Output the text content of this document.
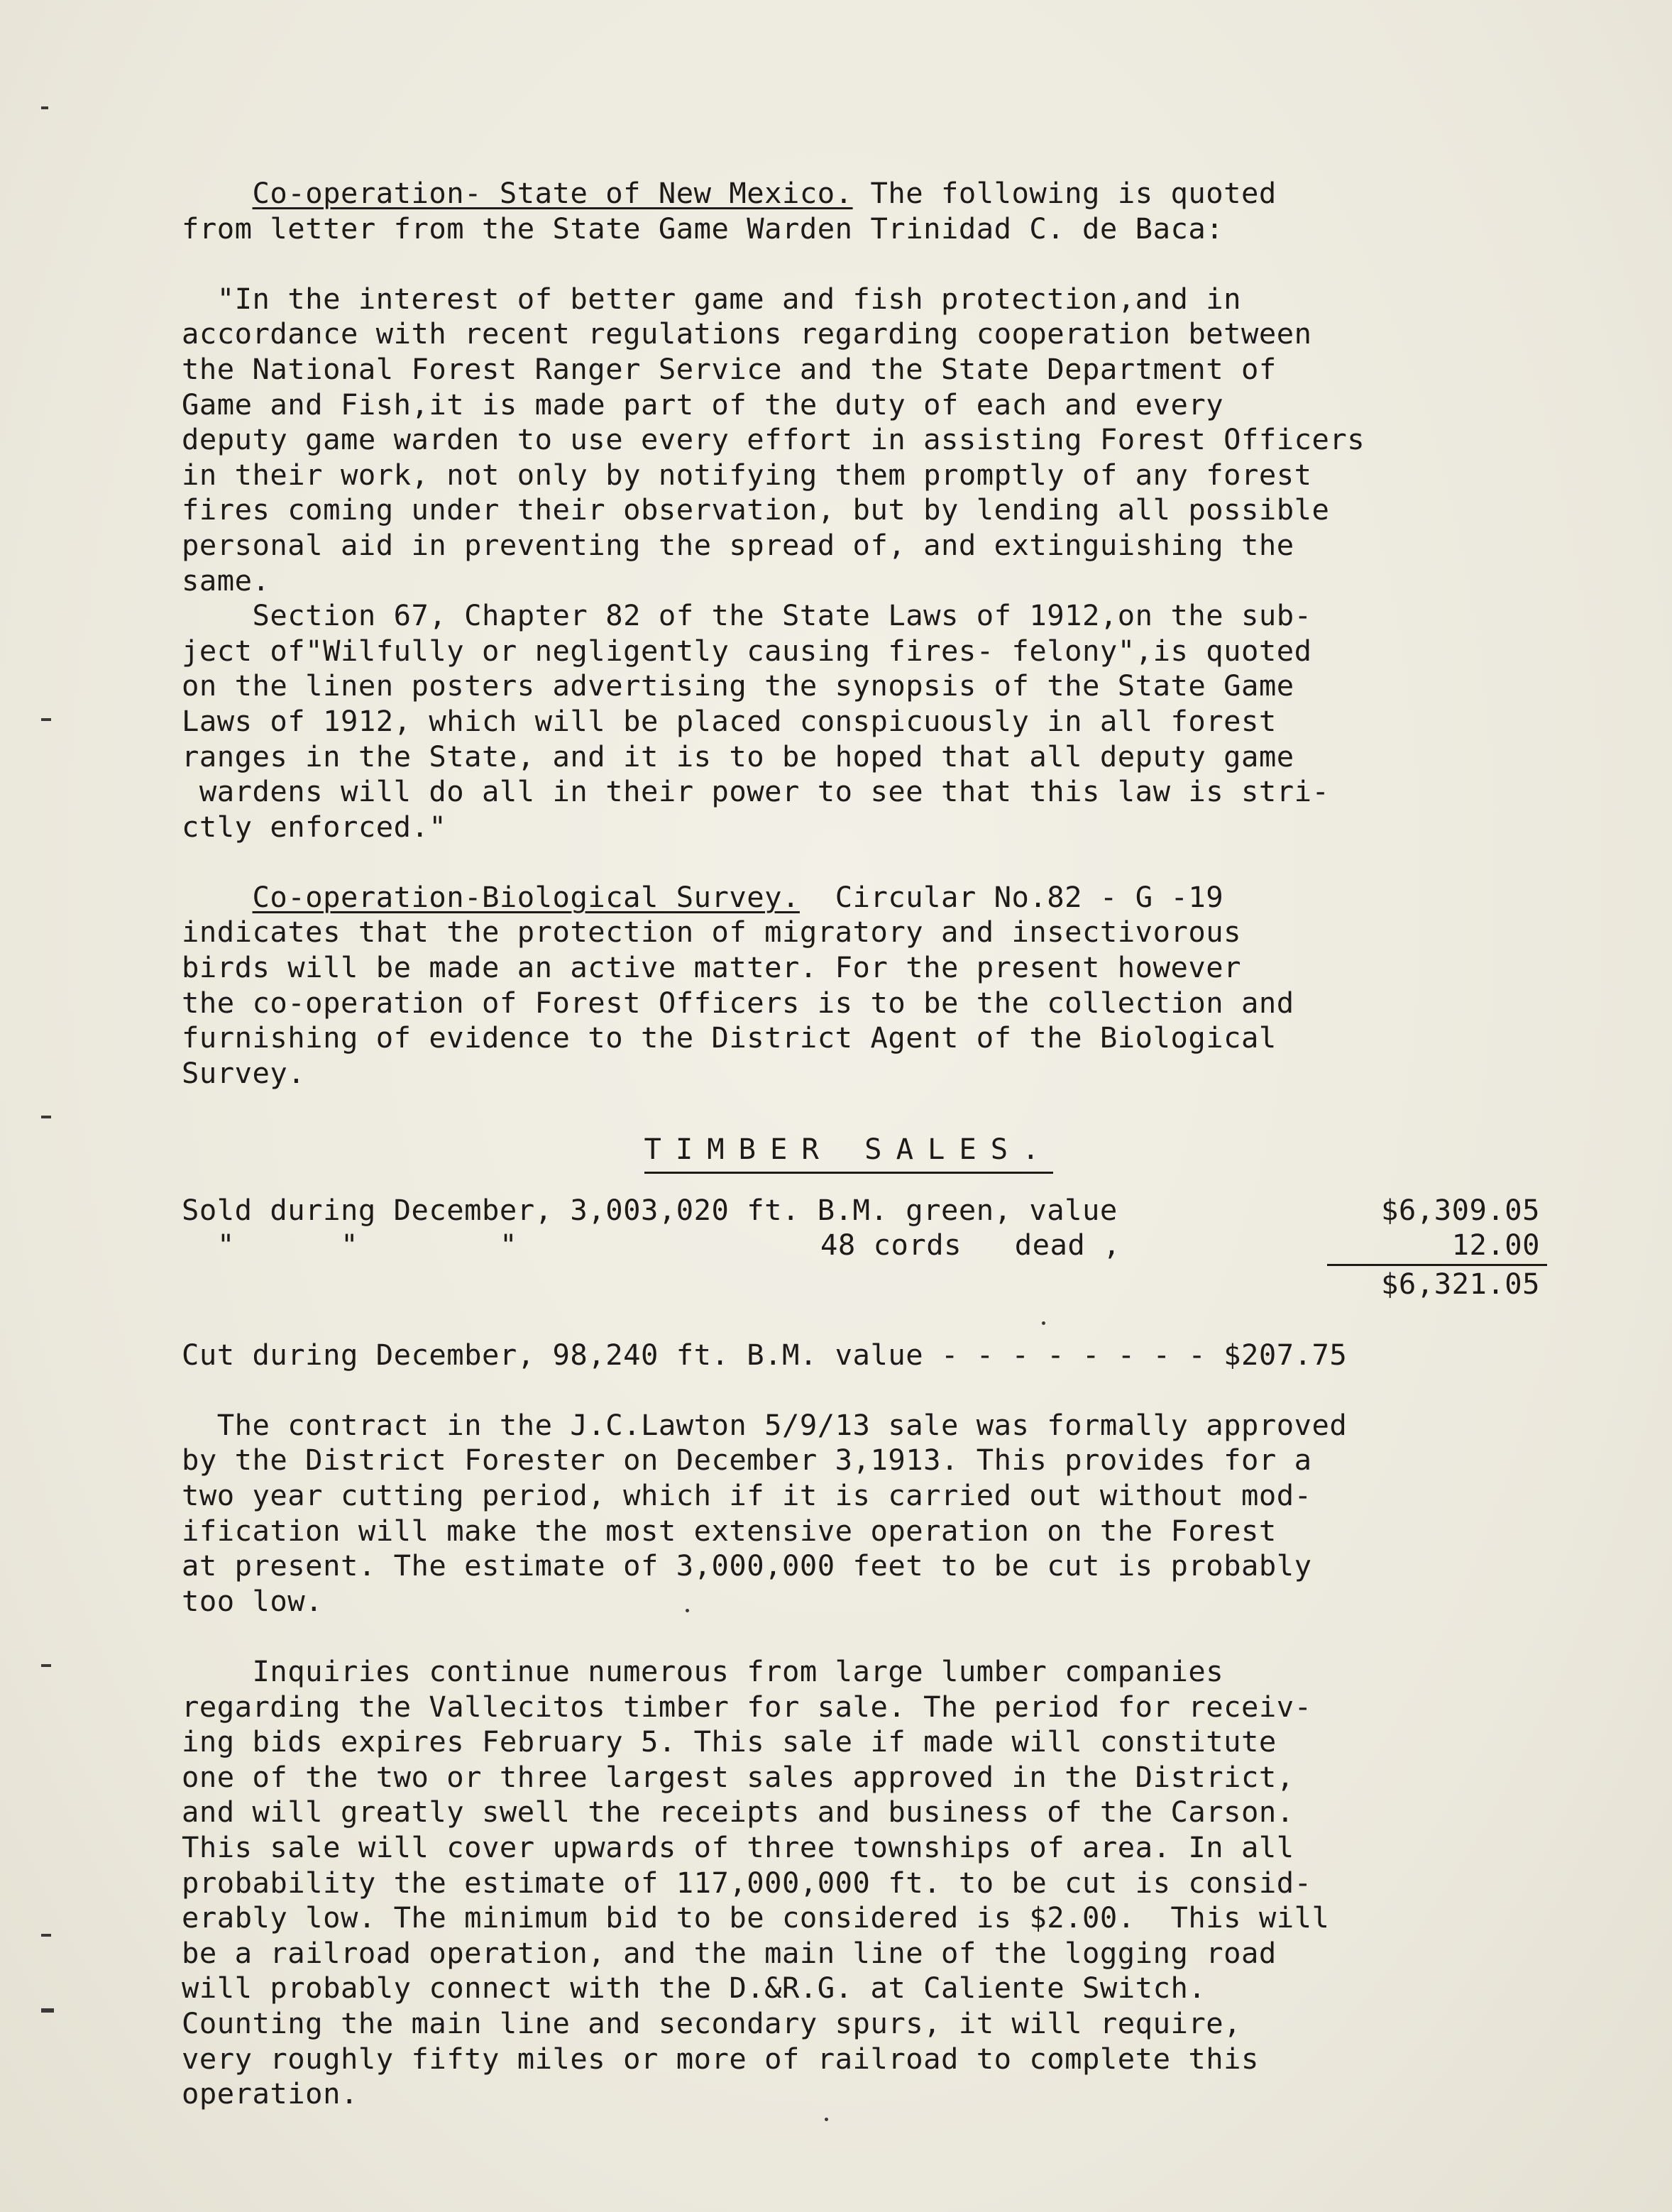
Co-operation- State of New Mexico. The following is quoted
from letter from the State Game Warden Trinidad C. de Baca:
"In the interest of better game and fish protection,and in
accordance with recent regulations regarding cooperation between
the National Forest Ranger Service and the State Department of
Game and Fish,it is made part of the duty of each and every
deputy game warden to use every effort in assisting Forest Officers
in their work, not only by notifying them promptly of any forest
fires coming under their observation, but by lending all possible
personal aid in preventing the spread of, and extinguishing the
same.
Section 67, Chapter 82 of the State Laws of 1912,on the sub-
ject of"Wilfully or negligently causing fires- felony",is quoted
on the linen posters advertising the synopsis of the State Game
Laws of 1912, which will be placed conspicuously in all forest
ranges in the State, and it is to be hoped that all deputy game
wardens will do all in their power to see that this law is stri-
ctly enforced."
Co-operation-Biological Survey.  Circular No.82 - G -19
indicates that the protection of migratory and insectivorous
birds will be made an active matter. For the present however
the co-operation of Forest Officers is to be the collection and
furnishing of evidence to the District Agent of the Biological
Survey.
TIMBER SALES.
Sold during December, 3,003,020 ft. B.M. green, value	$6,309.05
"      "        "	48 cords   dead ,	12.00
$6,321.05
Cut during December, 98,240 ft. B.M. value - - - - - - - - $207.75
The contract in the J.C.Lawton 5/9/13 sale was formally approved
by the District Forester on December 3,1913. This provides for a
two year cutting period, which if it is carried out without mod-
ification will make the most extensive operation on the Forest
at present. The estimate of 3,000,000 feet to be cut is probably
too low.
Inquiries continue numerous from large lumber companies
regarding the Vallecitos timber for sale. The period for receiv-
ing bids expires February 5. This sale if made will constitute
one of the two or three largest sales approved in the District,
and will greatly swell the receipts and business of the Carson.
This sale will cover upwards of three townships of area. In all
probability the estimate of 117,000,000 ft. to be cut is consid-
erably low. The minimum bid to be considered is $2.00.  This will
be a railroad operation, and the main line of the logging road
will probably connect with the D.&R.G. at Caliente Switch.
Counting the main line and secondary spurs, it will require,
very roughly fifty miles or more of railroad to complete this
operation.
